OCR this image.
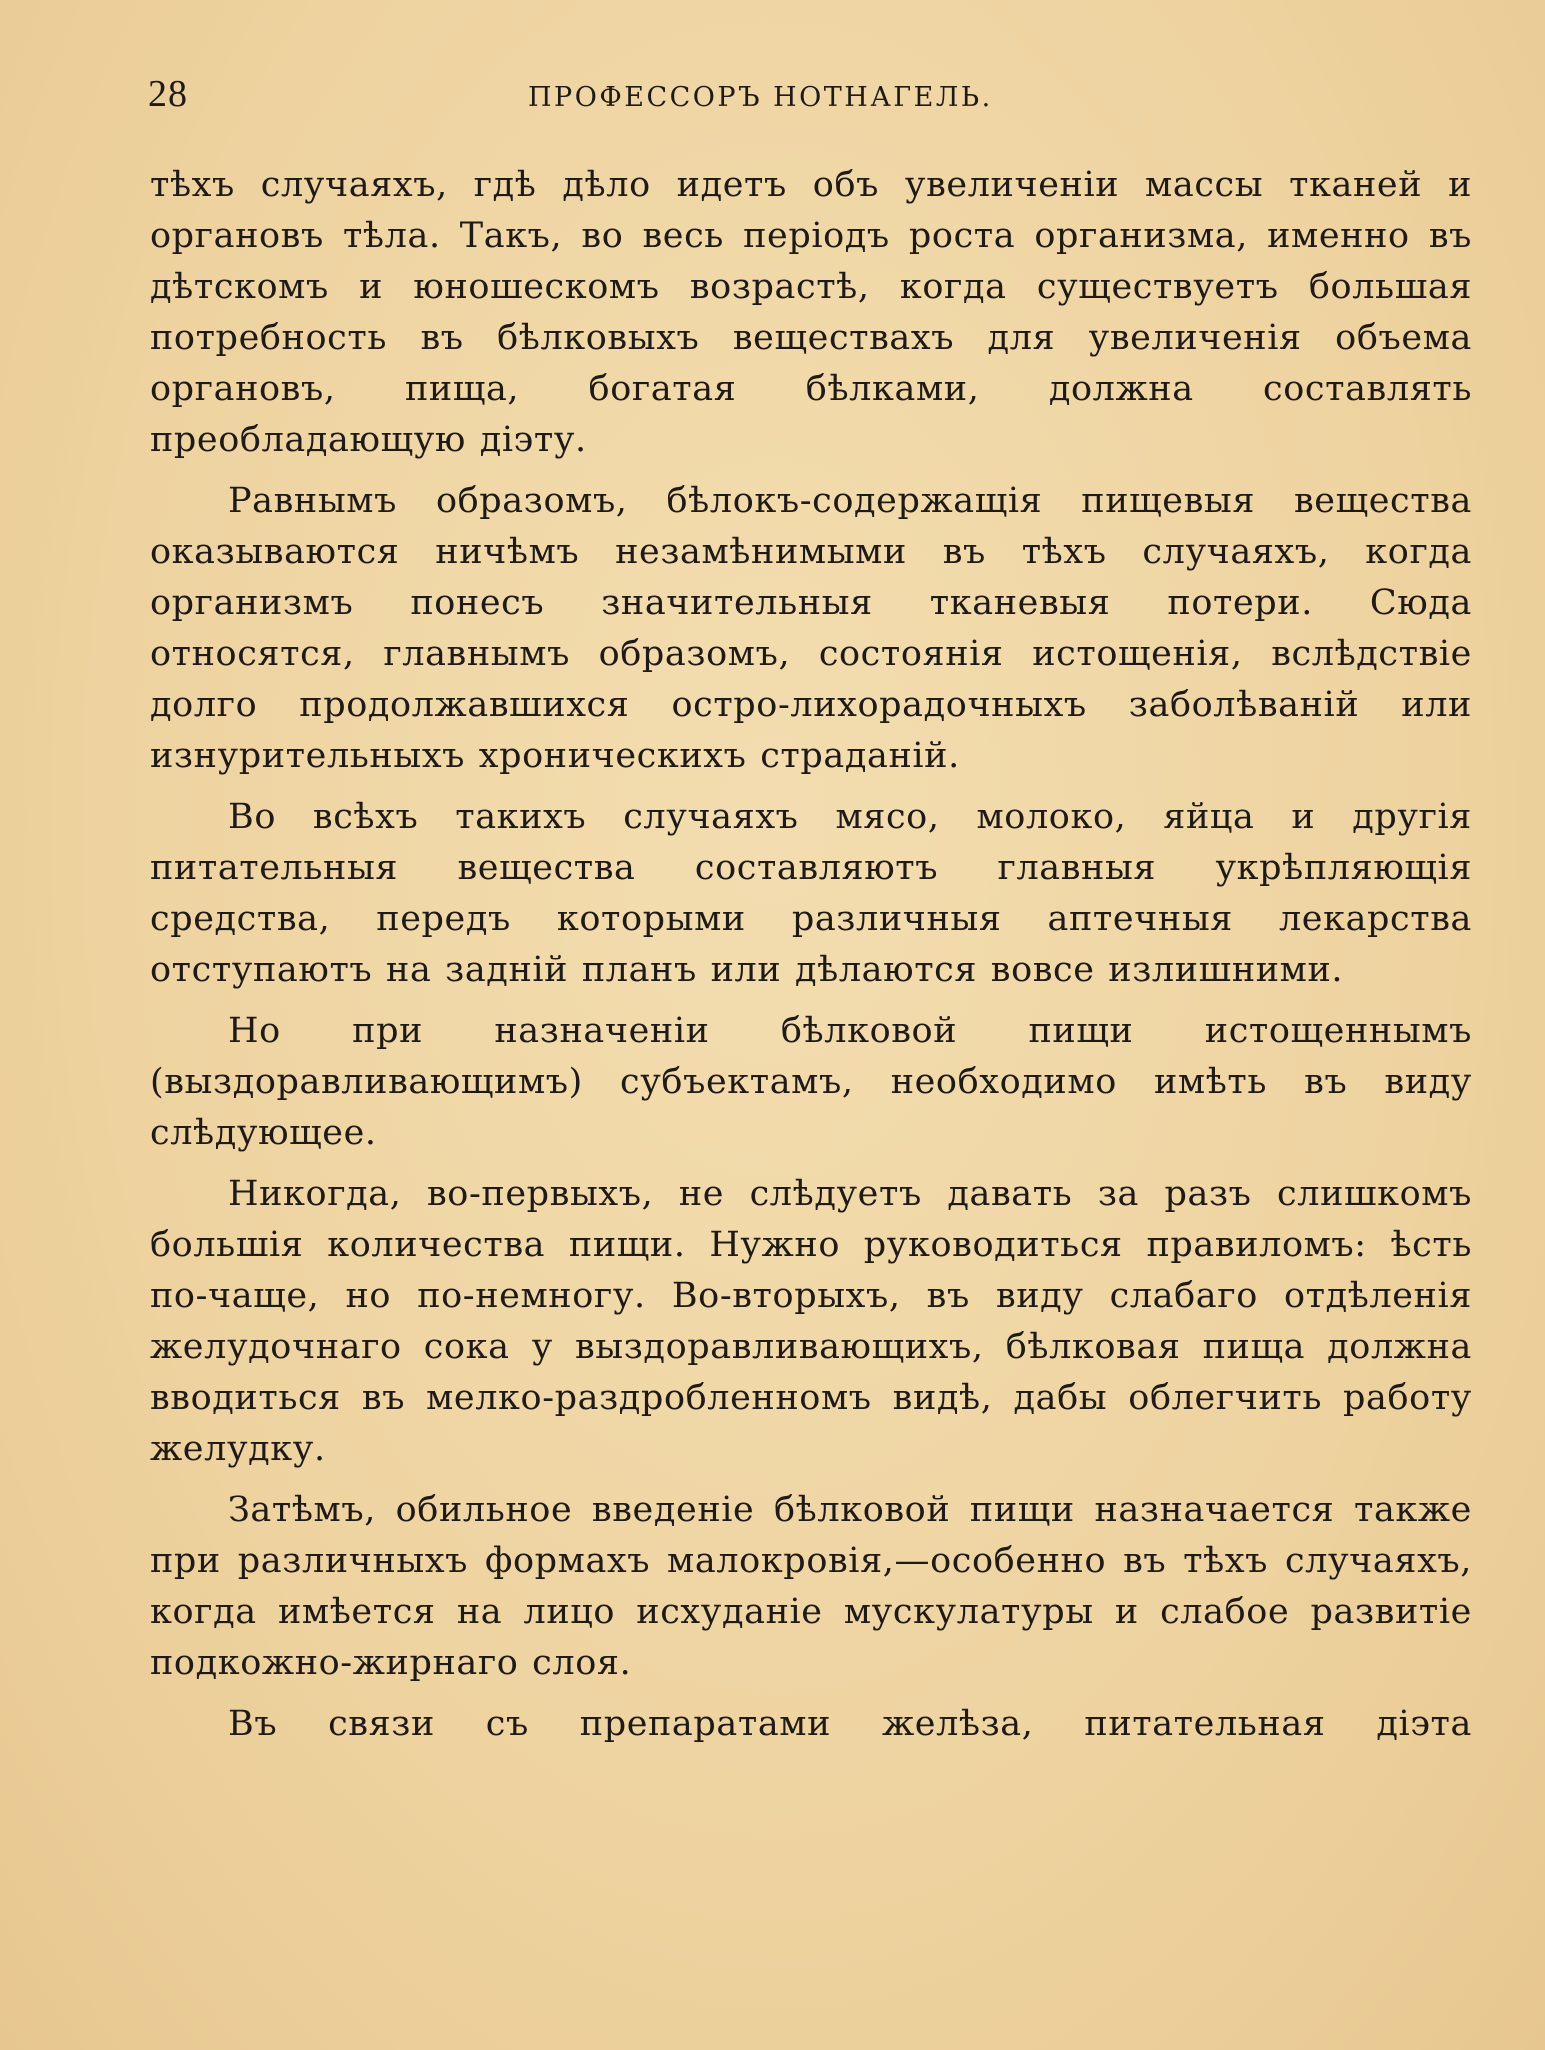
28	ПРОФЕССОРЪ НОТНАГЕЛЬ.

тѣхъ случаяхъ, гдѣ дѣло идетъ объ увеличенiи массы тканей и органовъ тѣла. Такъ, во весь перiодъ роста организма, именно въ дѣтскомъ и юношескомъ возрастѣ, когда существуетъ большая потребность въ бѣлковыхъ веществахъ для увеличенiя объема органовъ, пища, богатая бѣлками, должна составлять преобладающую дiэту.

Равнымъ образомъ, бѣлокъ-содержащiя пищевыя вещества оказываются ничѣмъ незамѣнимыми въ тѣхъ случаяхъ, когда организмъ понесъ значительныя тканевыя потери. Сюда относятся, главнымъ образомъ, состоянiя истощенiя, вслѣдствiе долго продолжавшихся остро-лихорадочныхъ заболѣванiй или изнурительныхъ хроническихъ страданiй.

Во всѣхъ такихъ случаяхъ мясо, молоко, яйца и другiя питательныя вещества составляютъ главныя укрѣпляющiя средства, передъ которыми различныя аптечныя лекарства отступаютъ на заднiй планъ или дѣлаются вовсе излишними.

Но при назначенiи бѣлковой пищи истощеннымъ (выздоравливающимъ) субъектамъ, необходимо имѣть въ виду слѣдующее.

Никогда, во-первыхъ, не слѣдуетъ давать за разъ слишкомъ большiя количества пищи. Нужно руководиться правиломъ: ѣсть по-чаще, но по-немногу. Во-вторыхъ, въ виду слабаго отдѣленiя желудочнаго сока у выздоравливающихъ, бѣлковая пища должна вводиться въ мелко-раздробленномъ видѣ, дабы облегчить работу желудку.

Затѣмъ, обильное введенiе бѣлковой пищи назначается также при различныхъ формахъ малокровiя,—особенно въ тѣхъ случаяхъ, когда имѣется на лицо исхуданiе мускулатуры и слабое развитiе подкожно-жирнаго слоя.

Въ связи съ препаратами желѣза, питательная дiэта
